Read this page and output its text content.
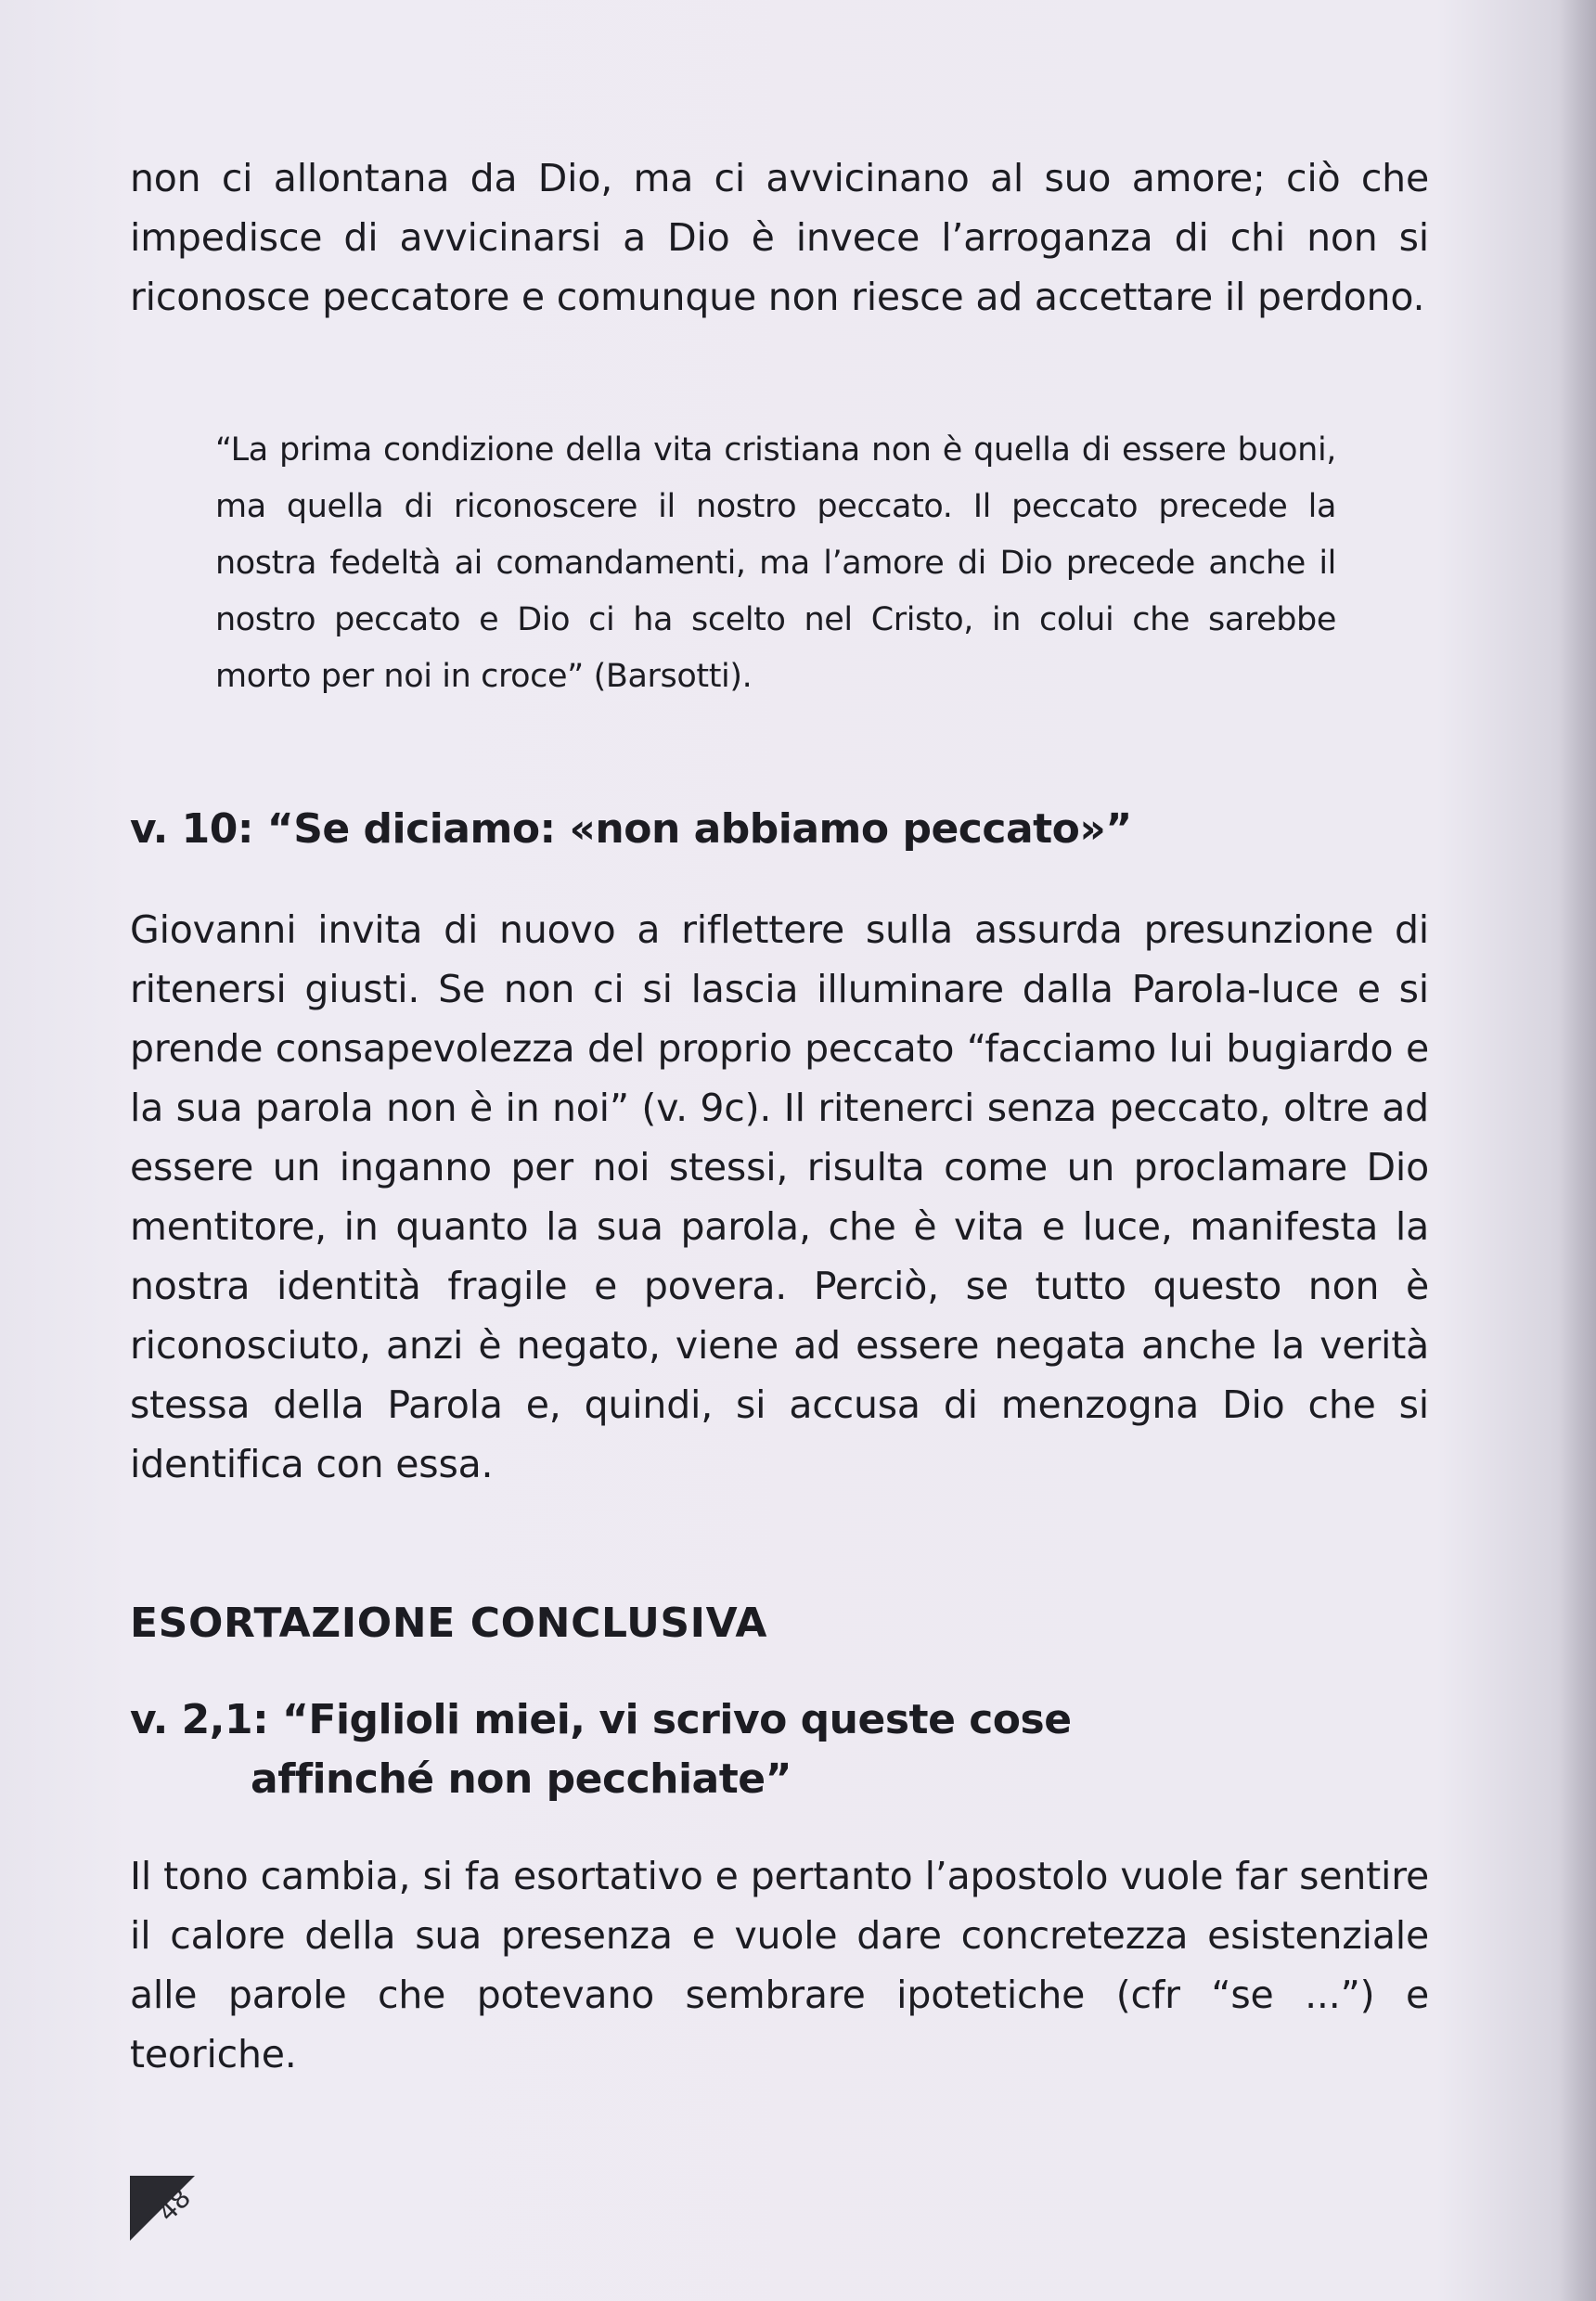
non ci allontana da Dio, ma ci avvicinano al suo amore; ciò che impedisce di avvicinarsi a Dio è invece l’arroganza di chi non si riconosce peccatore e comunque non riesce ad accettare il perdono.

“La prima condizione della vita cristiana non è quella di essere buoni, ma quella di riconoscere il nostro peccato. Il peccato precede la nostra fedeltà ai comandamenti, ma l’amore di Dio precede anche il nostro peccato e Dio ci ha scelto nel Cristo, in colui che sarebbe morto per noi in croce” (Barsotti).

v. 10: “Se diciamo: «non abbiamo peccato»”

Giovanni invita di nuovo a riflettere sulla assurda presunzione di ritenersi giusti. Se non ci si lascia illuminare dalla Parola-luce e si prende consapevolezza del proprio peccato “facciamo lui bugiardo e la sua parola non è in noi” (v. 9c). Il ritenerci senza peccato, oltre ad essere un inganno per noi stessi, risulta come un proclamare Dio mentitore, in quanto la sua parola, che è vita e luce, manifesta la nostra identità fragile e povera. Perciò, se tutto questo non è riconosciuto, anzi è negato, viene ad essere negata anche la verità stessa della Parola e, quindi, si accusa di menzogna Dio che si identifica con essa.

ESORTAZIONE CONCLUSIVA
v. 2,1: “Figlioli miei, vi scrivo queste cose
affinché non pecchiate”

Il tono cambia, si fa esortativo e pertanto l’apostolo vuole far sentire il calore della sua presenza e vuole dare concretezza esistenziale alle parole che potevano sembrare ipotetiche (cfr “se ...”) e teoriche.

48
